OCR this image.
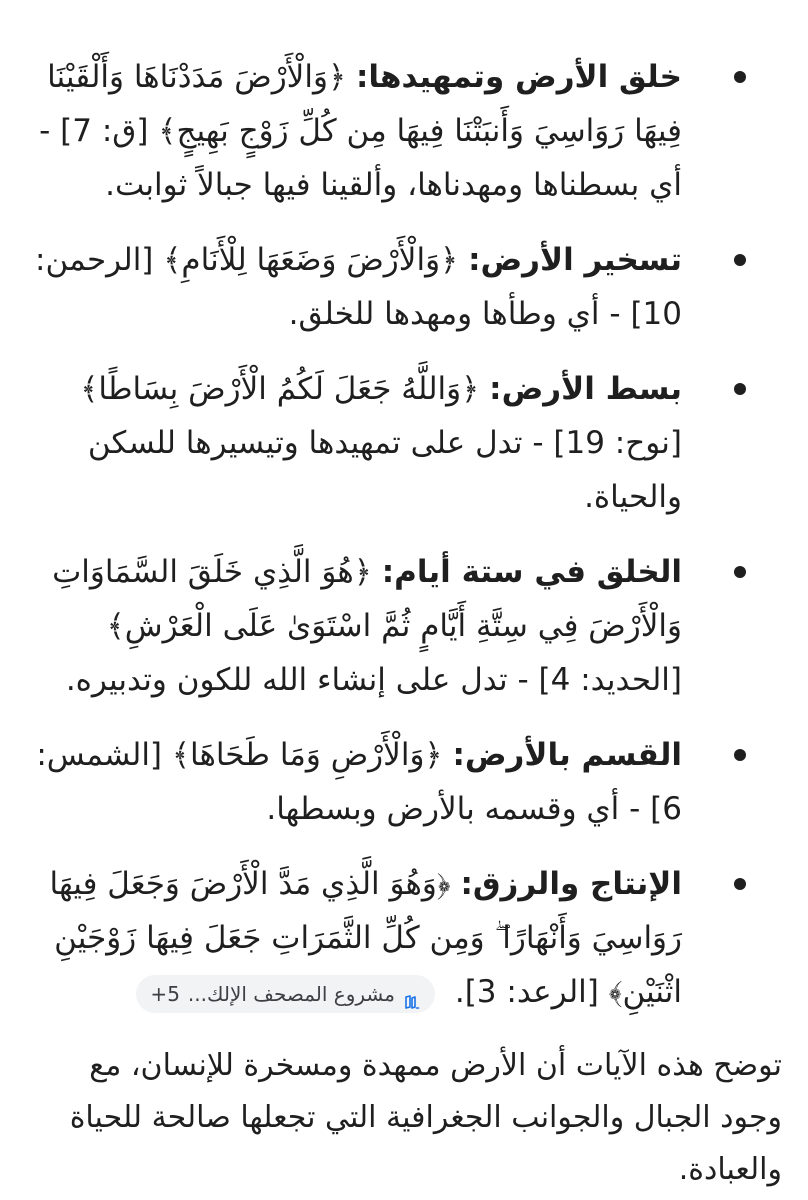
خلق الأرض وتمهيدها: ﴿وَالْأَرْضَ مَدَدْنَاهَا وَأَلْقَيْنَا فِيهَا رَوَاسِيَ وَأَنبَتْنَا فِيهَا مِن كُلِّ زَوْجٍ بَهِيجٍ﴾ [ق: 7] - أي بسطناها ومهدناها، وألقينا فيها جبالاً ثوابت.
تسخير الأرض: ﴿وَالْأَرْضَ وَضَعَهَا لِلْأَنَامِ﴾ [الرحمن: 10] - أي وطأها ومهدها للخلق.
بسط الأرض: ﴿وَاللَّهُ جَعَلَ لَكُمُ الْأَرْضَ بِسَاطًا﴾ [نوح: 19] - تدل على تمهيدها وتيسيرها للسكن والحياة.
الخلق في ستة أيام: ﴿هُوَ الَّذِي خَلَقَ السَّمَاوَاتِ وَالْأَرْضَ فِي سِتَّةِ أَيَّامٍ ثُمَّ اسْتَوَىٰ عَلَى الْعَرْشِ﴾ [الحديد: 4] - تدل على إنشاء الله للكون وتدبيره.
القسم بالأرض: ﴿وَالْأَرْضِ وَمَا طَحَاهَا﴾ [الشمس: 6] - أي وقسمه بالأرض وبسطها.
الإنتاج والرزق: ﴿وَهُوَ الَّذِي مَدَّ الْأَرْضَ وَجَعَلَ فِيهَا رَوَاسِيَ وَأَنْهَارًا ۖ وَمِن كُلِّ الثَّمَرَاتِ جَعَلَ فِيهَا زَوْجَيْنِ اثْنَيْنِ﴾ [الرعد: 3].
مشروع المصحف الإلك...
5+

توضح هذه الآيات أن الأرض ممهدة ومسخرة للإنسان، مع وجود الجبال والجوانب الجغرافية التي تجعلها صالحة للحياة والعبادة.
